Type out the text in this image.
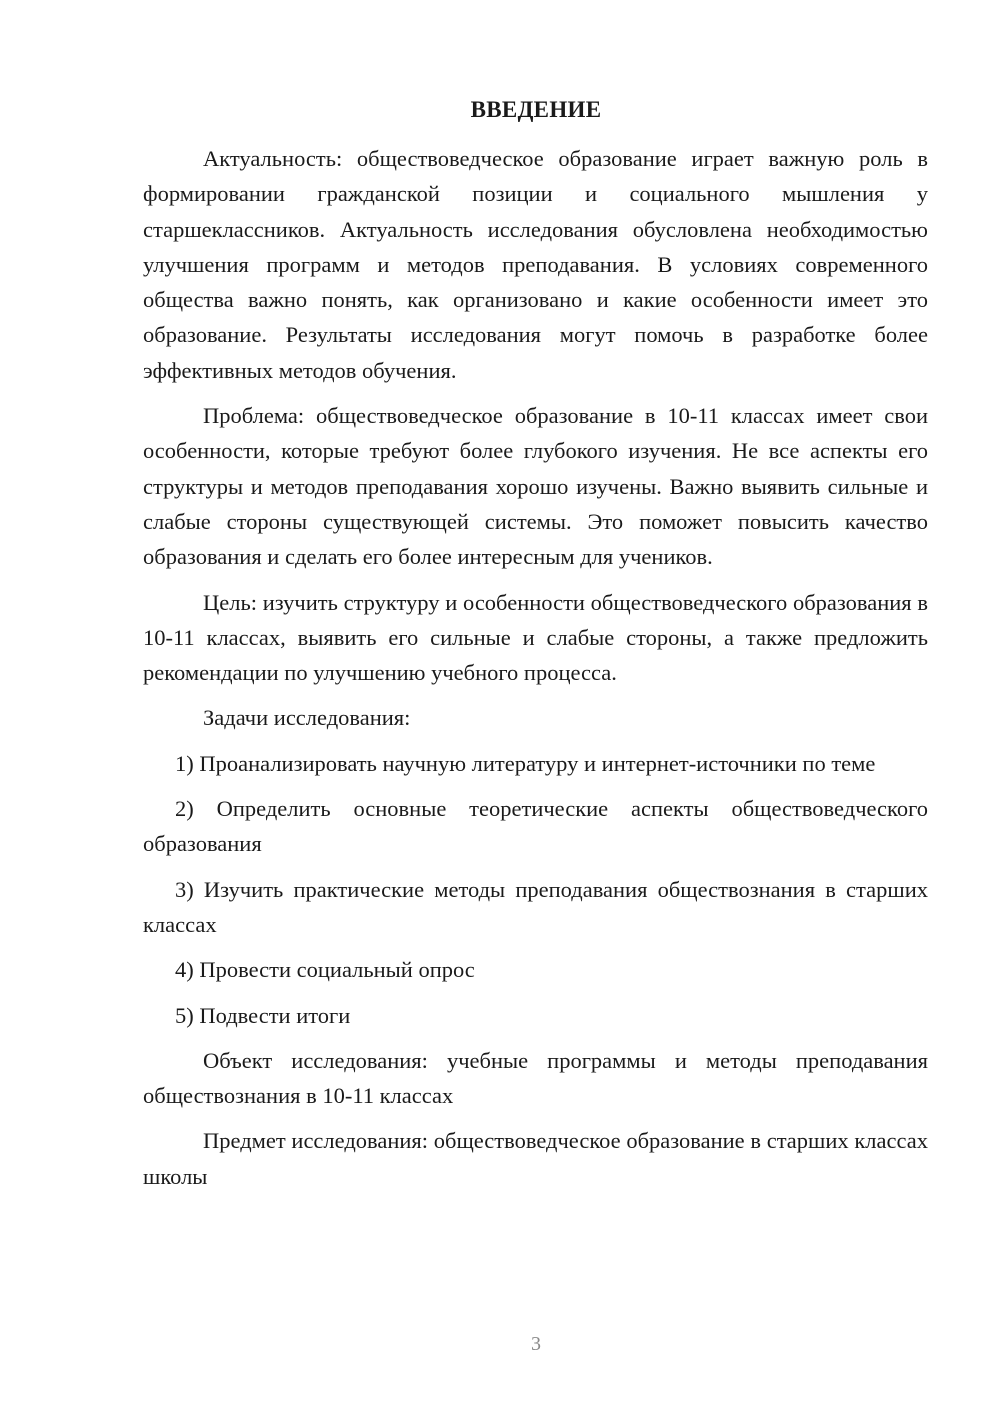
ВВЕДЕНИЕ

Актуальность: обществоведческое образование играет важную роль в формировании гражданской позиции и социального мышления у старшеклассников. Актуальность исследования обусловлена необходимостью улучшения программ и методов преподавания. В условиях современного общества важно понять, как организовано и какие особенности имеет это образование. Результаты исследования могут помочь в разработке более эффективных методов обучения.

Проблема: обществоведческое образование в 10-11 классах имеет свои особенности, которые требуют более глубокого изучения. Не все аспекты его структуры и методов преподавания хорошо изучены. Важно выявить сильные и слабые стороны существующей системы. Это поможет повысить качество образования и сделать его более интересным для учеников.

Цель: изучить структуру и особенности обществоведческого образования в 10-11 классах, выявить его сильные и слабые стороны, а также предложить рекомендации по улучшению учебного процесса.

Задачи исследования:

1) Проанализировать научную литературу и интернет-источники по теме

2) Определить основные теоретические аспекты обществоведческого образования

3) Изучить практические методы преподавания обществознания в старших классах

4) Провести социальный опрос

5) Подвести итоги

Объект исследования: учебные программы и методы преподавания обществознания в 10-11 классах

Предмет исследования: обществоведческое образование в старших классах школы

3
